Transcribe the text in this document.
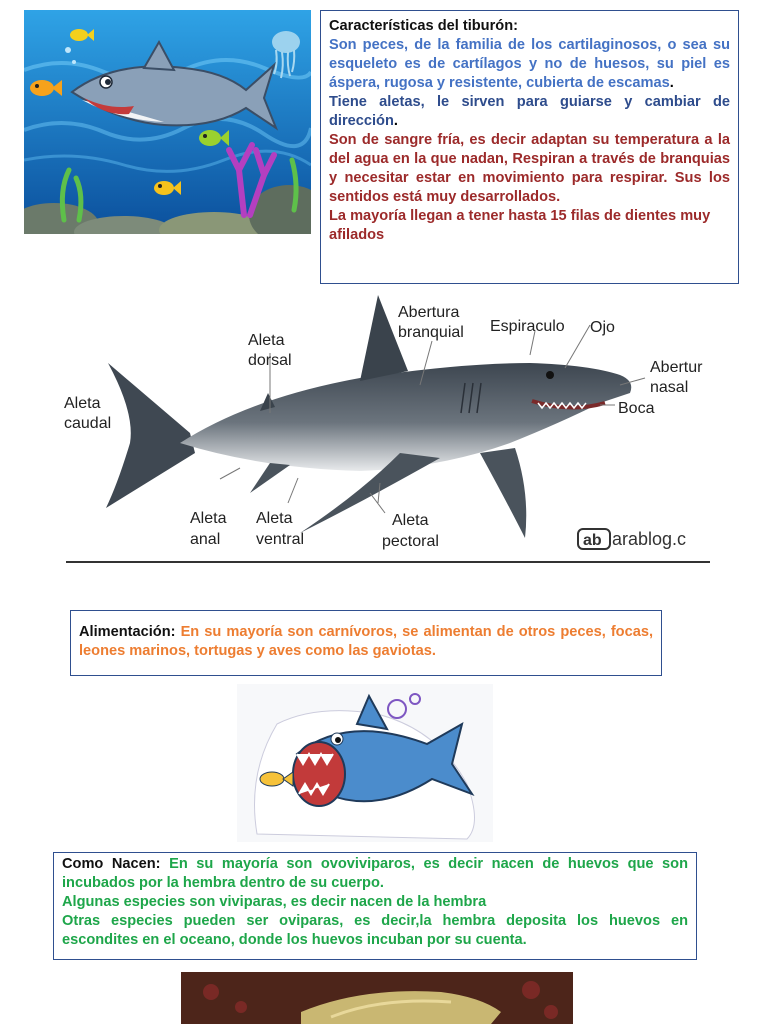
Características del tiburón:
Son peces, de la familia de los cartilaginosos, o sea su esqueleto es de cartílagos y no de huesos, su piel es áspera, rugosa y resistente, cubierta de escamas.
Tiene aletas, le sirven para guiarse y cambiar de dirección.
Son de sangre fría, es decir adaptan su temperatura a la del agua en la que nadan, Respiran a través de branquias y necesitar estar en movimiento para respirar. Sus los sentidos está muy desarrollados.
La mayoría llegan a tener hasta 15 filas de dientes muy afilados
Abertura
branquial Espiraculo Ojo
Aleta
dorsal	Abertur
nasal
Aleta
caudal
Boca
Aleta
anal
Aleta
ventral
Aleta
pectoral	ab arablog.c
Alimentación: En su mayoría son carnívoros, se alimentan de otros peces, focas, leones marinos, tortugas y aves como las gaviotas.
Como Nacen: En su mayoría son ovoviviparos, es decir nacen de huevos que son incubados por la hembra dentro de su cuerpo.
Algunas especies son viviparas, es decir nacen de la hembra
Otras especies pueden ser oviparas, es decir,la hembra deposita los huevos en escondites en el oceano, donde los huevos incuban por su cuenta.
